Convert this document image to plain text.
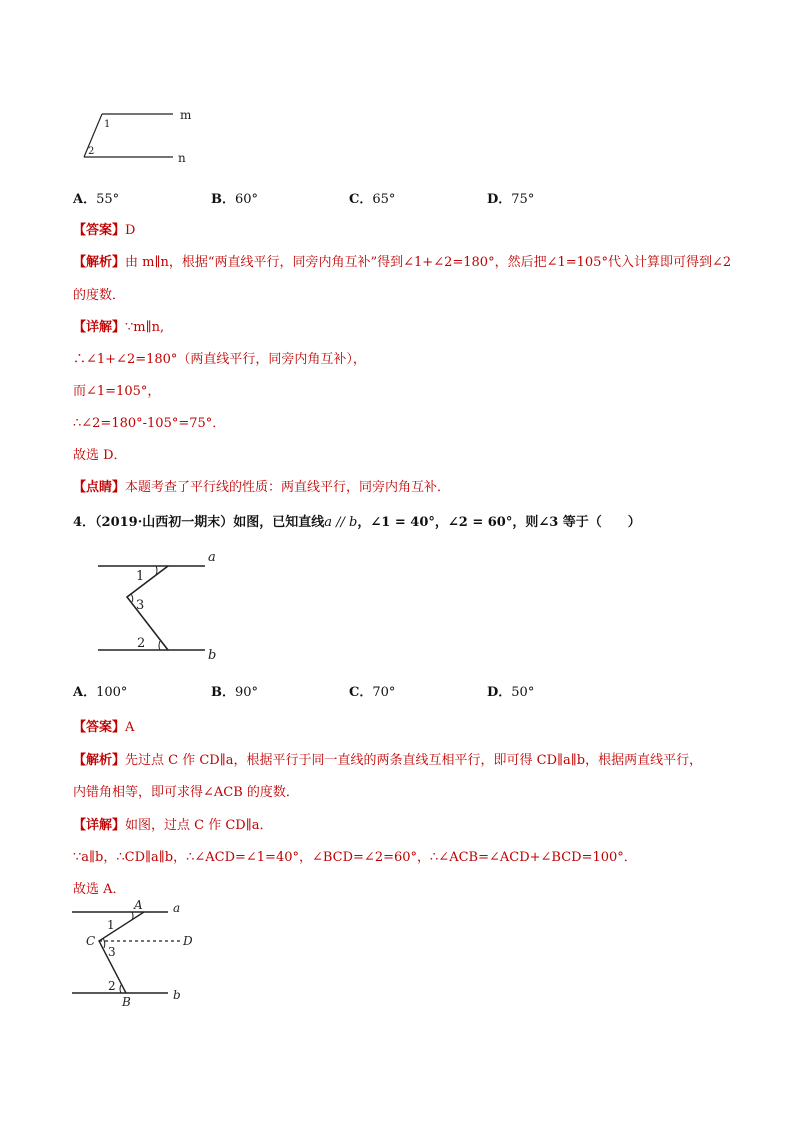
1
2
m
n
A．55°	B．60°	C．65°	D．75°
【答案】D
【解析】由 m∥n，根据“两直线平行，同旁内角互补”得到∠1+∠2=180°，然后把∠1=105°代入计算即可得到∠2
的度数．
【详解】∵m∥n,
∴∠1+∠2=180°（两直线平行，同旁内角互补），
而∠1=105°，
∴∠2=180°-105°=75°．
故选 D．
【点睛】本题考查了平行线的性质：两直线平行，同旁内角互补．
4．（2019·山西初一期末）如图，已知直线a // b，∠1 = 40°，∠2 = 60°，则∠3 等于（　　）
1
3
2
a
b
A．100°	B．90°	C．70°	D．50°
【答案】A
【解析】先过点 C 作 CD∥a，根据平行于同一直线的两条直线互相平行，即可得 CD∥a∥b，根据两直线平行，
内错角相等，即可求得∠ACB 的度数．
【详解】如图，过点 C 作 CD∥a．
∵a∥b，∴CD∥a∥b，∴∠ACD=∠1=40°，∠BCD=∠2=60°，∴∠ACB=∠ACD+∠BCD=100°．
故选 A．
A	a
1
C	D
3
2
B	b
